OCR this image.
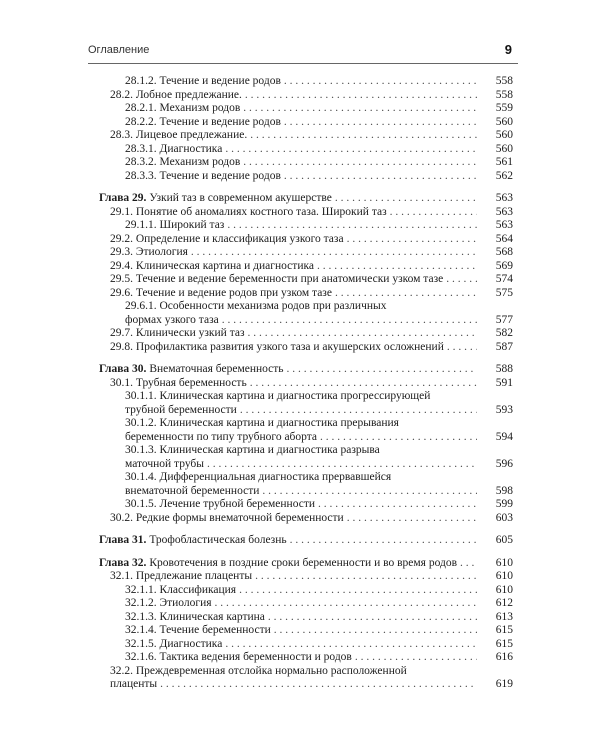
Оглавление	9
28.1.2. Течение и ведение родов . . .	558
28.2. Лобное предлежание. . . .	558
28.2.1. Механизм родов . . .	559
28.2.2. Течение и ведение родов . . .	560
28.3. Лицевое предлежание. . . .	560
28.3.1. Диагностика . . .	560
28.3.2. Механизм родов . . .	561
28.3.3. Течение и ведение родов . . .	562
Глава 29. Узкий таз в современном акушерстве . . .	563
29.1. Понятие об аномалиях костного таза. Широкий таз . . .	563
29.1.1. Широкий таз . . .	563
29.2. Определение и классификация узкого таза . . .	564
29.3. Этиология . . .	568
29.4. Клиническая картина и диагностика . . .	569
29.5. Течение и ведение беременности при анатомически узком тазе . . .	574
29.6. Течение и ведение родов при узком тазе . . .	575
29.6.1. Особенности механизма родов при различных
формах узкого таза . . .	577
29.7. Клинически узкий таз . . .	582
29.8. Профилактика развития узкого таза и акушерских осложнений . . .	587
Глава 30. Внематочная беременность . . .	588
30.1. Трубная беременность . . .	591
30.1.1. Клиническая картина и диагностика прогрессирующей
трубной беременности . . .	593
30.1.2. Клиническая картина и диагностика прерывания
беременности по типу трубного аборта . . .	594
30.1.3. Клиническая картина и диагностика разрыва
маточной трубы . . .	596
30.1.4. Дифференциальная диагностика прервавшейся
внематочной беременности . . .	598
30.1.5. Лечение трубной беременности . . .	599
30.2. Редкие формы внематочной беременности . . .	603
Глава 31. Трофобластическая болезнь . . .	605
Глава 32. Кровотечения в поздние сроки беременности и во время родов . . .	610
32.1. Предлежание плаценты . . .	610
32.1.1. Классификация . . .	610
32.1.2. Этиология . . .	612
32.1.3. Клиническая картина . . .	613
32.1.4. Течение беременности . . .	615
32.1.5. Диагностика . . .	615
32.1.6. Тактика ведения беременности и родов . . .	616
32.2. Преждевременная отслойка нормально расположенной
плаценты . . .	619
